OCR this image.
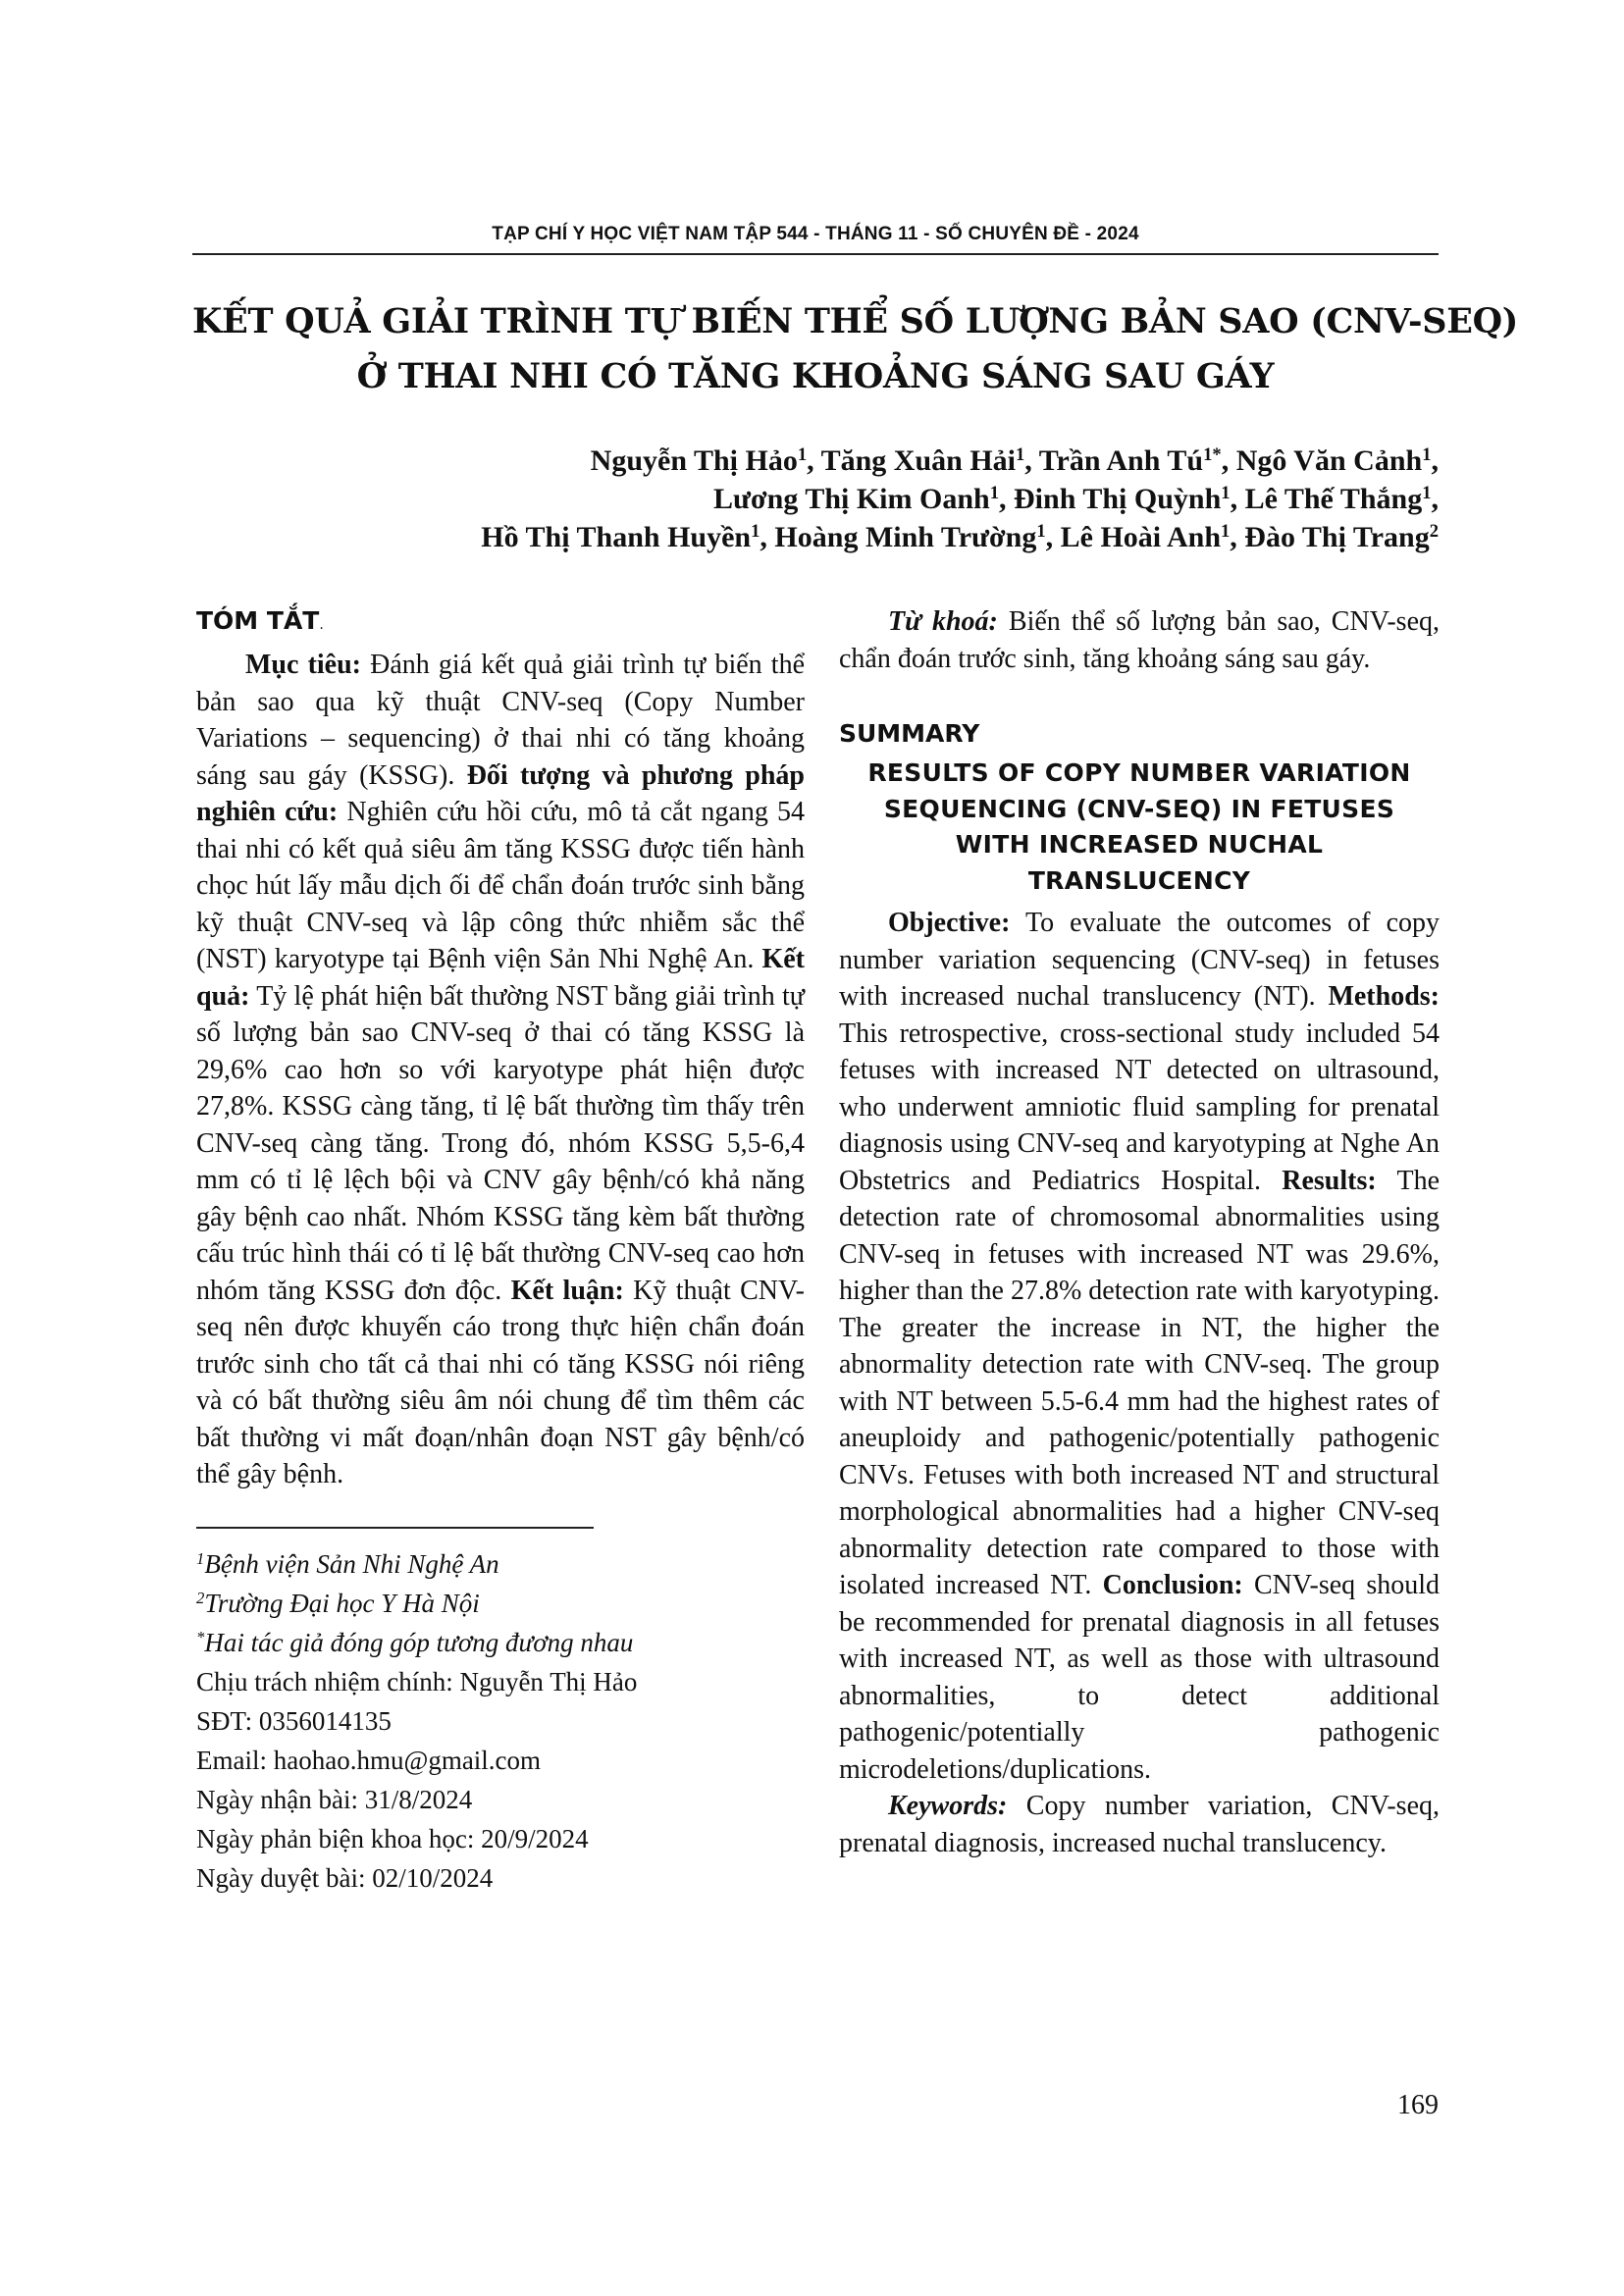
TẠP CHÍ Y HỌC VIỆT NAM TẬP 544 - THÁNG 11 - SỐ CHUYÊN ĐỀ - 2024
KẾT QUẢ GIẢI TRÌNH TỰ BIẾN THỂ SỐ LƯỢNG BẢN SAO (CNV-SEQ)
Ở THAI NHI CÓ TĂNG KHOẢNG SÁNG SAU GÁY
Nguyễn Thị Hảo$^1$, Tăng Xuân Hải$^1$, Trần Anh $Tú^{1*}$, Ngô Văn Cảnh$^1$,
Lương Thị Kim Oanh$^1$, Đinh Thị Quỳnh$^1$, Lê Thế Thắng$^1$,
Hồ Thị Thanh Huyền$^1$, Hoàng Minh Trường$^1$, Lê Hoài Anh$^1$, Đào Thị Trang$^2$
TÓM TẮT.

Mục tiêu: Đánh giá kết quả giải trình tự biến thể bản sao qua kỹ thuật CNV-seq (Copy Number Variations – sequencing) ở thai nhi có tăng khoảng sáng sau gáy (KSSG). Đối tượng và phương pháp nghiên cứu: Nghiên cứu hồi cứu, mô tả cắt ngang 54 thai nhi có kết quả siêu âm tăng KSSG được tiến hành chọc hút lấy mẫu dịch ối để chẩn đoán trước sinh bằng kỹ thuật CNV-seq và lập công thức nhiễm sắc thể (NST) karyotype tại Bệnh viện Sản Nhi Nghệ An. Kết quả: Tỷ lệ phát hiện bất thường NST bằng giải trình tự số lượng bản sao CNV-seq ở thai có tăng KSSG là 29,6% cao hơn so với karyotype phát hiện được 27,8%. KSSG càng tăng, tỉ lệ bất thường tìm thấy trên CNV-seq càng tăng. Trong đó, nhóm KSSG 5,5-6,4 mm có tỉ lệ lệch bội và CNV gây bệnh/có khả năng gây bệnh cao nhất. Nhóm KSSG tăng kèm bất thường cấu trúc hình thái có tỉ lệ bất thường CNV-seq cao hơn nhóm tăng KSSG đơn độc. Kết luận: Kỹ thuật CNV-seq nên được khuyến cáo trong thực hiện chẩn đoán trước sinh cho tất cả thai nhi có tăng KSSG nói riêng và có bất thường siêu âm nói chung để tìm thêm các bất thường vi mất đoạn/nhân đoạn NST gây bệnh/có thể gây bệnh.

$^1$Bệnh viện Sản Nhi Nghệ An
$^2$Trường Đại học Y Hà Nội
*Hai tác giả đóng góp tương đương nhau
Chịu trách nhiệm chính: Nguyễn Thị Hảo
SĐT: 0356014135
Email: haohao.hmu@gmail.com
Ngày nhận bài: 31/8/2024
Ngày phản biện khoa học: 20/9/2024
Ngày duyệt bài: 02/10/2024

Từ khoá: Biến thể số lượng bản sao, CNV-seq, chẩn đoán trước sinh, tăng khoảng sáng sau gáy.

SUMMARY
RESULTS OF COPY NUMBER VARIATION
SEQUENCING (CNV-SEQ) IN FETUSES
WITH INCREASED NUCHAL
TRANSLUCENCY

Objective: To evaluate the outcomes of copy number variation sequencing (CNV-seq) in fetuses with increased nuchal translucency (NT). Methods: This retrospective, cross-sectional study included 54 fetuses with increased NT detected on ultrasound, who underwent amniotic fluid sampling for prenatal diagnosis using CNV-seq and karyotyping at Nghe An Obstetrics and Pediatrics Hospital. Results: The detection rate of chromosomal abnormalities using CNV-seq in fetuses with increased NT was 29.6%, higher than the 27.8% detection rate with karyotyping. The greater the increase in NT, the higher the abnormality detection rate with CNV-seq. The group with NT between 5.5-6.4 mm had the highest rates of aneuploidy and pathogenic/potentially pathogenic CNVs. Fetuses with both increased NT and structural morphological abnormalities had a higher CNV-seq abnormality detection rate compared to those with isolated increased NT. Conclusion: CNV-seq should be recommended for prenatal diagnosis in all fetuses with increased NT, as well as those with ultrasound abnormalities, to detect additional pathogenic/potentially pathogenic microdeletions/duplications.

Keywords: Copy number variation, CNV-seq, prenatal diagnosis, increased nuchal translucency.

169
